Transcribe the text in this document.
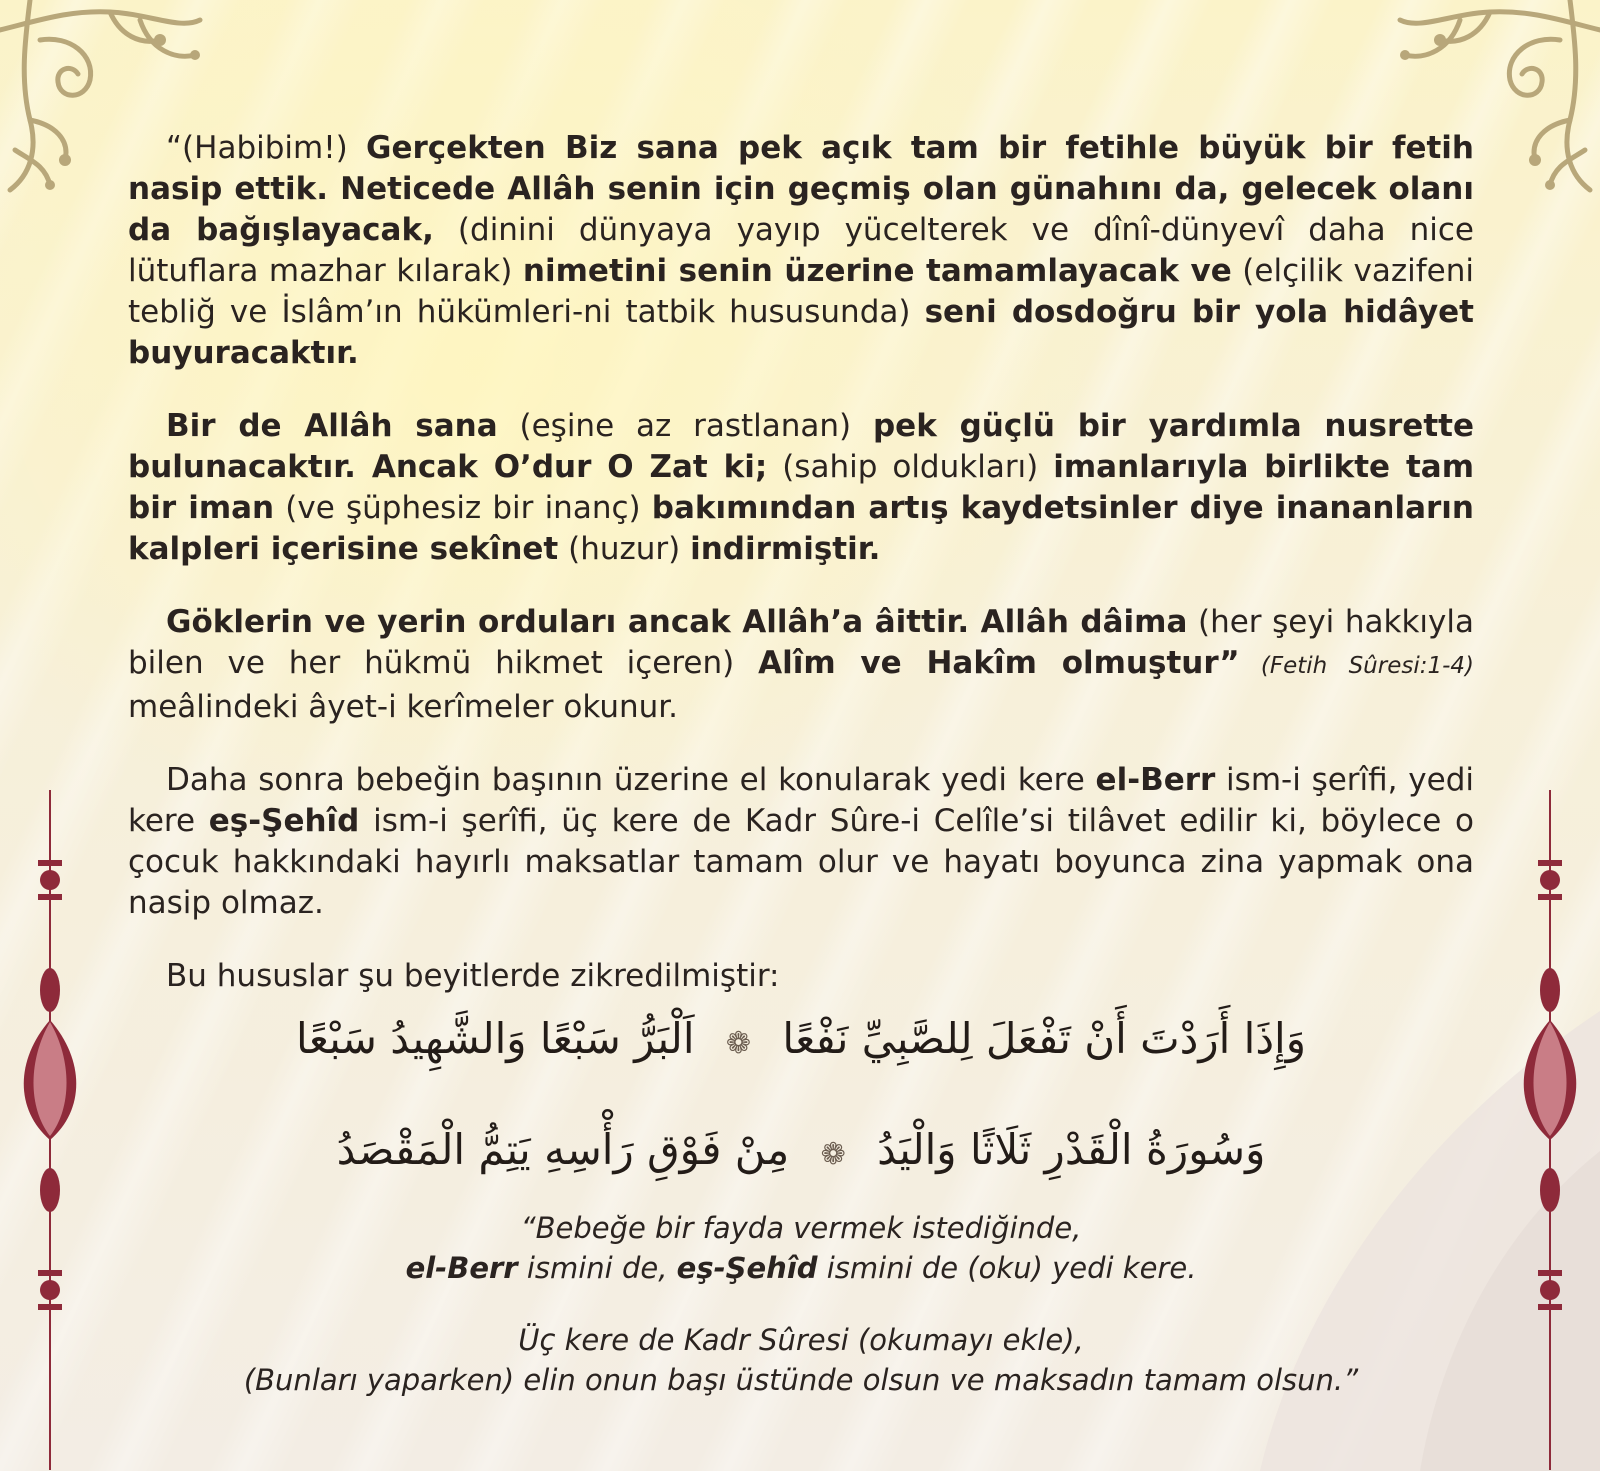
“(Habibim!) Gerçekten Biz sana pek açık tam bir fetihle büyük bir fetih nasip ettik. Neticede Allâh senin için geçmiş olan günahını da, gelecek olanı da bağışlayacak, (dinini dünyaya yayıp yücelterek ve dînî-dünyevî daha nice lütuflara mazhar kılarak) nimetini senin üzerine tamamlayacak ve (elçilik vazifeni tebliğ ve İslâm’ın hükümleri-ni tatbik hususunda) seni dosdoğru bir yola hidâyet buyuracaktır.

Bir de Allâh sana (eşine az rastlanan) pek güçlü bir yardımla nusrette bulunacaktır. Ancak O’dur O Zat ki; (sahip oldukları) imanlarıyla birlikte tam bir iman (ve şüphesiz bir inanç) bakımından artış kaydetsinler diye inananların kalpleri içerisine sekînet (huzur) indirmiştir.

Göklerin ve yerin orduları ancak Allâh’a âittir. Allâh dâima (her şeyi hakkıyla bilen ve her hükmü hikmet içeren) Alîm ve Hakîm olmuştur” (Fetih Sûresi:1-4) meâlindeki âyet-i kerîmeler okunur.

Daha sonra bebeğin başının üzerine el konularak yedi kere el-Berr ism-i şerîfi, yedi kere eş-Şehîd ism-i şerîfi, üç kere de Kadr Sûre-i Celîle’si tilâvet edilir ki, böylece o çocuk hakkındaki hayırlı maksatlar tamam olur ve hayatı boyunca zina yapmak ona nasip olmaz.

Bu hususlar şu beyitlerde zikredilmiştir:

وَإِذَا أَرَدْتَ أَنْ تَفْعَلَ لِلصَّبِيِّ نَفْعًا ❁ اَلْبَرُّ سَبْعًا وَالشَّهِيدُ سَبْعًا
وَسُورَةُ الْقَدْرِ ثَلَاثًا وَالْيَدُ ❁ مِنْ فَوْقِ رَأْسِهِ يَتِمُّ الْمَقْصَدُ
“Bebeğe bir fayda vermek istediğinde,
el-Berr ismini de, eş-Şehîd ismini de (oku) yedi kere.
Üç kere de Kadr Sûresi (okumayı ekle),
(Bunları yaparken) elin onun başı üstünde olsun ve maksadın tamam olsun.”
